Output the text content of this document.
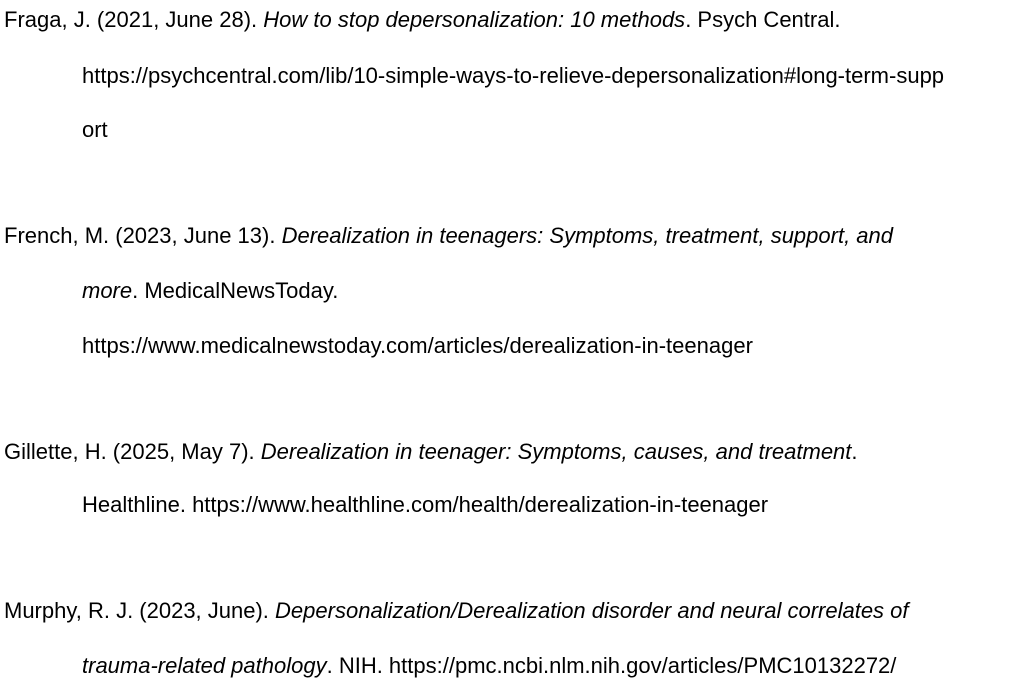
Fraga, J. (2021, June 28). How to stop depersonalization: 10 methods. Psych Central.
https://psychcentral.com/lib/10-simple-ways-to-relieve-depersonalization#long-term-supp
ort
French, M. (2023, June 13). Derealization in teenagers: Symptoms, treatment, support, and
more. MedicalNewsToday.
https://www.medicalnewstoday.com/articles/derealization-in-teenager
Gillette, H. (2025, May 7). Derealization in teenager: Symptoms, causes, and treatment.
Healthline. https://www.healthline.com/health/derealization-in-teenager
Murphy, R. J. (2023, June). Depersonalization/Derealization disorder and neural correlates of
trauma-related pathology. NIH. https://pmc.ncbi.nlm.nih.gov/articles/PMC10132272/
